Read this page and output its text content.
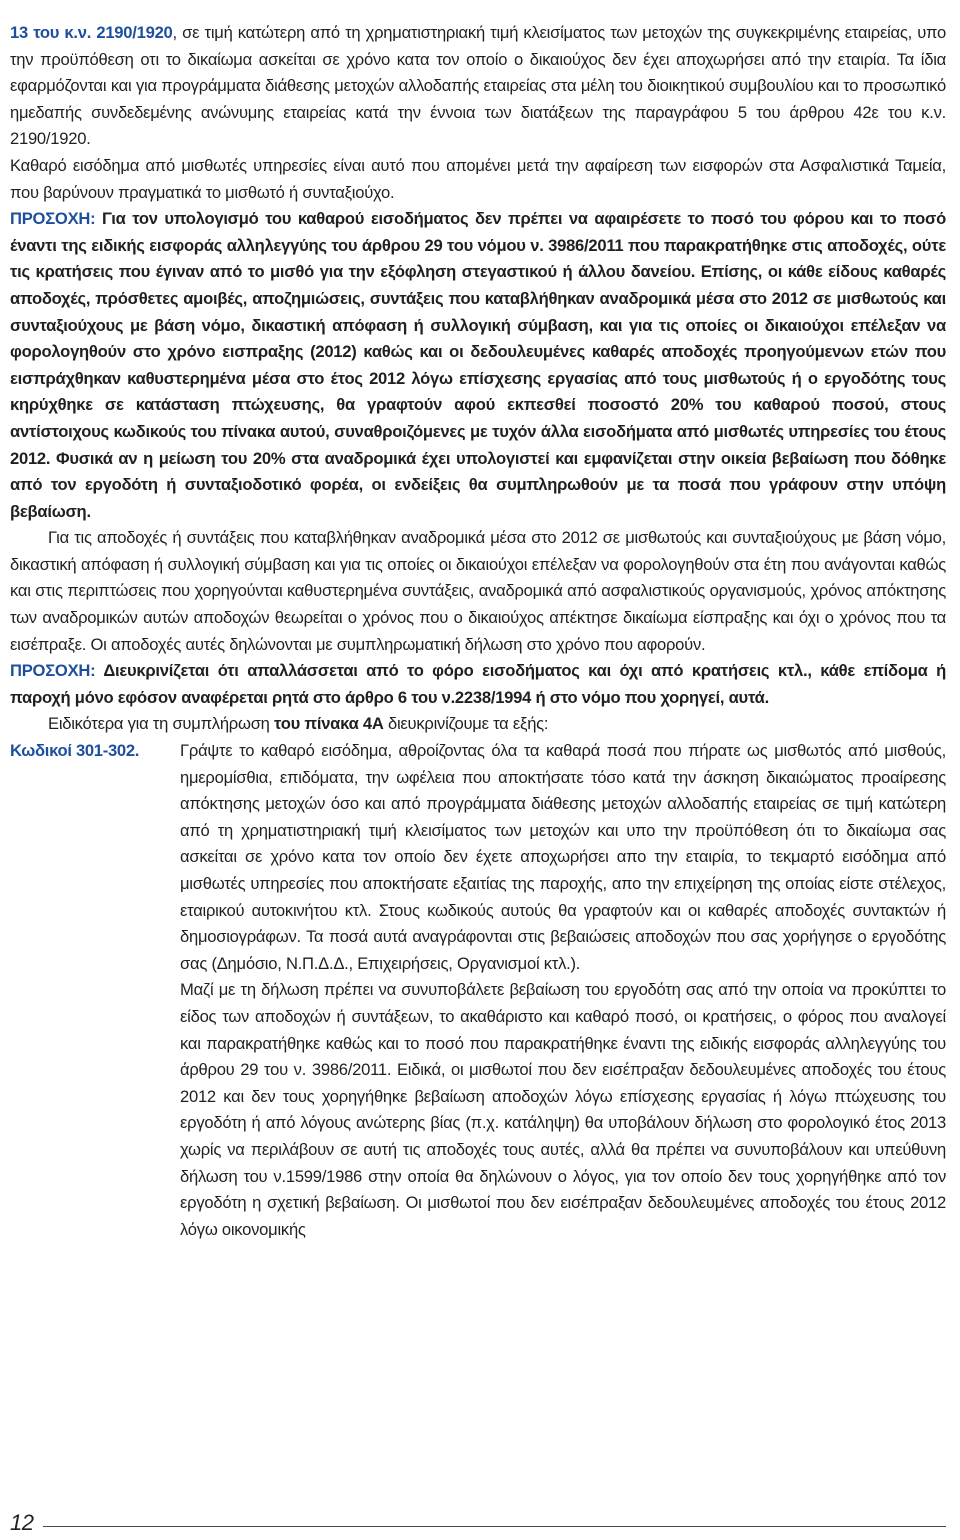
13 του κ.ν. 2190/1920, σε τιμή κατώτερη από τη χρηματιστηριακή τιμή κλεισίματος των μετοχών της συγκεκριμένης εταιρείας, υπο την προϋπόθεση οτι το δικαίωμα ασκείται σε χρόνο κατα τον οποίο ο δικαιούχος δεν έχει αποχωρήσει από την εταιρία. Τα ίδια εφαρμόζονται και για προγράμματα διάθεσης μετοχών αλλοδαπής εταιρείας στα μέλη του διοικητικού συμβουλίου και το προσωπικό ημεδαπής συνδεδεμένης ανώνυμης εταιρείας κατά την έννοια των διατάξεων της παραγράφου 5 του άρθρου 42ε του κ.ν. 2190/1920.

Καθαρό εισόδημα από μισθωτές υπηρεσίες είναι αυτό που απομένει μετά την αφαίρεση των εισφορών στα Ασφαλιστικά Ταμεία, που βαρύνουν πραγματικά το μισθωτό ή συνταξιούχο.

ΠΡΟΣΟΧΗ: Για τον υπολογισμό του καθαρού εισοδήματος δεν πρέπει να αφαιρέσετε το ποσό του φόρου και το ποσό έναντι της ειδικής εισφοράς αλληλεγγύης του άρθρου 29 του νόμου ν. 3986/2011 που παρακρατήθηκε στις αποδοχές, ούτε τις κρατήσεις που έγιναν από το μισθό για την εξόφληση στεγαστικού ή άλλου δανείου. Επίσης, οι κάθε είδους καθαρές αποδοχές, πρόσθετες αμοιβές, αποζημιώσεις, συντάξεις που καταβλήθηκαν αναδρομικά μέσα στο 2012 σε μισθωτούς και συνταξιούχους με βάση νόμο, δικαστική απόφαση ή συλλογική σύμβαση, και για τις οποίες οι δικαιούχοι επέλεξαν να φορολογηθούν στο χρόνο εισπραξης (2012) καθώς και οι δεδουλευμένες καθαρές αποδοχές προηγούμενων ετών που εισπράχθηκαν καθυστερημένα μέσα στο έτος 2012 λόγω επίσχεσης εργασίας από τους μισθωτούς ή ο εργοδότης τους κηρύχθηκε σε κατάσταση πτώχευσης, θα γραφτούν αφού εκπεσθεί ποσοστό 20% του καθαρού ποσού, στους αντίστοιχους κωδικούς του πίνακα αυτού, συναθροιζόμενες με τυχόν άλλα εισοδήματα από μισθωτές υπηρεσίες του έτους 2012. Φυσικά αν η μείωση του 20% στα αναδρομικά έχει υπολογιστεί και εμφανίζεται στην οικεία βεβαίωση που δόθηκε από τον εργοδότη ή συνταξιοδοτικό φορέα, οι ενδείξεις θα συμπληρωθούν με τα ποσά που γράφουν στην υπόψη βεβαίωση.

Για τις αποδοχές ή συντάξεις που καταβλήθηκαν αναδρομικά μέσα στο 2012 σε μισθωτούς και συνταξιούχους με βάση νόμο, δικαστική απόφαση ή συλλογική σύμβαση και για τις οποίες οι δικαιούχοι επέλεξαν να φορολογηθούν στα έτη που ανάγονται καθώς και στις περιπτώσεις που χορηγούνται καθυστερημένα συντάξεις, αναδρομικά από ασφαλιστικούς οργανισμούς, χρόνος απόκτησης των αναδρομικών αυτών αποδοχών θεωρείται ο χρόνος που ο δικαιούχος απέκτησε δικαίωμα είσπραξης και όχι ο χρόνος που τα εισέπραξε. Οι αποδοχές αυτές δηλώνονται με συμπληρωματική δήλωση στο χρόνο που αφορούν.

ΠΡΟΣΟΧΗ: Διευκρινίζεται ότι απαλλάσσεται από το φόρο εισοδήματος και όχι από κρατήσεις κτλ., κάθε επίδομα ή παροχή μόνο εφόσον αναφέρεται ρητά στο άρθρο 6 του ν.2238/1994 ή στο νόμο που χορηγεί, αυτά.

Ειδικότερα για τη συμπλήρωση του πίνακα 4Α διευκρινίζουμε τα εξής:

Κωδικοί 301-302.	Γράψτε το καθαρό εισόδημα, αθροίζοντας όλα τα καθαρά ποσά που πήρατε ως μισθωτός από μισθούς, ημερομίσθια, επιδόματα, την ωφέλεια που αποκτήσατε τόσο κατά την άσκηση δικαιώματος προαίρεσης απόκτησης μετοχών όσο και από προγράμματα διάθεσης μετοχών αλλοδαπής εταιρείας σε τιμή κατώτερη από τη χρηματιστηριακή τιμή κλεισίματος των μετοχών και υπο την προϋπόθεση ότι το δικαίωμα σας ασκείται σε χρόνο κατα τον οποίο δεν έχετε αποχωρήσει απο την εταιρία, το τεκμαρτό εισόδημα από μισθωτές υπηρεσίες που αποκτήσατε εξαιτίας της παροχής, απο την επιχείρηση της οποίας είστε στέλεχος, εταιρικού αυτοκινήτου κτλ. Στους κωδικούς αυτούς θα γραφτούν και οι καθαρές αποδοχές συντακτών ή δημοσιογράφων. Τα ποσά αυτά αναγράφονται στις βεβαιώσεις αποδοχών που σας χορήγησε ο εργοδότης σας (Δημόσιο, Ν.Π.Δ.Δ., Επιχειρήσεις, Οργανισμοί κτλ.).

Μαζί με τη δήλωση πρέπει να συνυποβάλετε βεβαίωση του εργοδότη σας από την οποία να προκύπτει το είδος των αποδοχών ή συντάξεων, το ακαθάριστο και καθαρό ποσό, οι κρατήσεις, ο φόρος που αναλογεί και παρακρατήθηκε καθώς και το ποσό που παρακρατήθηκε έναντι της ειδικής εισφοράς αλληλεγγύης του άρθρου 29 του ν. 3986/2011. Ειδικά, οι μισθωτοί που δεν εισέπραξαν δεδουλευμένες αποδοχές του έτους 2012 και δεν τους χορηγήθηκε βεβαίωση αποδοχών λόγω επίσχεσης εργασίας ή λόγω πτώχευσης του εργοδότη ή από λόγους ανώτερης βίας (π.χ. κατάληψη) θα υποβάλουν δήλωση στο φορολογικό έτος 2013 χωρίς να περιλάβουν σε αυτή τις αποδοχές τους αυτές, αλλά θα πρέπει να συνυποβάλουν και υπεύθυνη δήλωση του ν.1599/1986 στην οποία θα δηλώνουν ο λόγος, για τον οποίο δεν τους χορηγήθηκε από τον εργοδότη η σχετική βεβαίωση. Οι μισθωτοί που δεν εισέπραξαν δεδουλευμένες αποδοχές του έτους 2012 λόγω οικονομικής

12
